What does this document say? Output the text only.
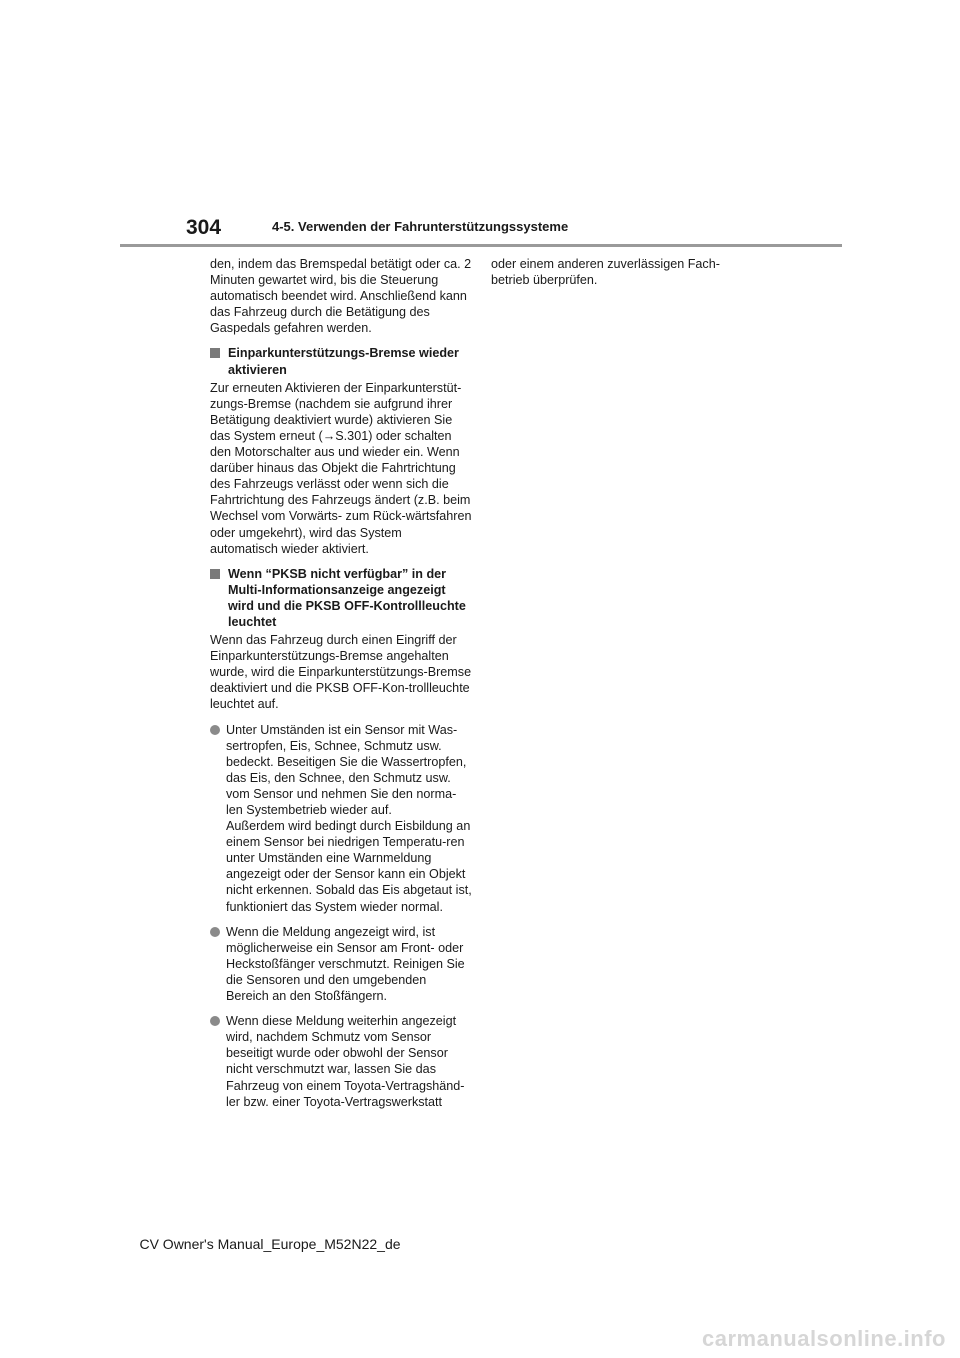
304	4-5. Verwenden der Fahrunterstützungssysteme

den, indem das Bremspedal betätigt oder ca. 2 Minuten gewartet wird, bis die Steuerung automatisch beendet wird. Anschließend kann das Fahrzeug durch die Betätigung des Gaspedals gefahren werden.

Einparkunterstützungs-Bremse wieder aktivieren

Zur erneuten Aktivieren der Einparkunterstüt-zungs-Bremse (nachdem sie aufgrund ihrer Betätigung deaktiviert wurde) aktivieren Sie das System erneut (→S.301) oder schalten den Motorschalter aus und wieder ein. Wenn darüber hinaus das Objekt die Fahrtrichtung des Fahrzeugs verlässt oder wenn sich die Fahrtrichtung des Fahrzeugs ändert (z.B. beim Wechsel vom Vorwärts- zum Rück-wärtsfahren oder umgekehrt), wird das System automatisch wieder aktiviert.

Wenn “PKSB nicht verfügbar” in der Multi-Informationsanzeige angezeigt wird und die PKSB OFF-Kontrollleuchte leuchtet

Wenn das Fahrzeug durch einen Eingriff der Einparkunterstützungs-Bremse angehalten wurde, wird die Einparkunterstützungs-Bremse deaktiviert und die PKSB OFF-Kon-trollleuchte leuchtet auf.

Unter Umständen ist ein Sensor mit Was-sertropfen, Eis, Schnee, Schmutz usw. bedeckt. Beseitigen Sie die Wassertropfen, das Eis, den Schnee, den Schmutz usw. vom Sensor und nehmen Sie den norma-len Systembetrieb wieder auf.
Außerdem wird bedingt durch Eisbildung an einem Sensor bei niedrigen Temperatu-ren unter Umständen eine Warnmeldung angezeigt oder der Sensor kann ein Objekt nicht erkennen. Sobald das Eis abgetaut ist, funktioniert das System wieder normal.
Wenn die Meldung angezeigt wird, ist möglicherweise ein Sensor am Front- oder Heckstoßfänger verschmutzt. Reinigen Sie die Sensoren und den umgebenden Bereich an den Stoßfängern.
Wenn diese Meldung weiterhin angezeigt wird, nachdem Schmutz vom Sensor beseitigt wurde oder obwohl der Sensor nicht verschmutzt war, lassen Sie das Fahrzeug von einem Toyota-Vertragshänd-ler bzw. einer Toyota-Vertragswerkstatt

oder einem anderen zuverlässigen Fach-betrieb überprüfen.

CV Owner's Manual_Europe_M52N22_de
carmanualsonline.info
